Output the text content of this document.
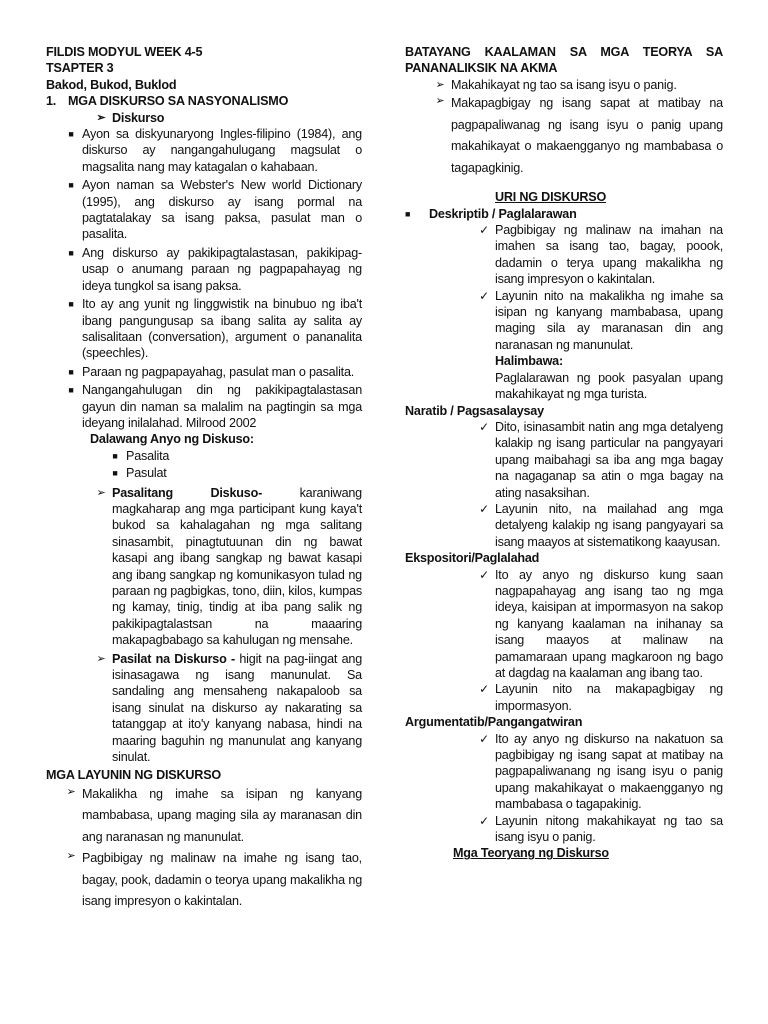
FILDIS MODYUL WEEK 4-5
TSAPTER 3
Bakod, Bukod, Buklod
1. MGA DISKURSO SA NASYONALISMO
➢ Diskurso
■ Ayon sa diskyunaryong Ingles-filipino (1984), ang diskurso ay nangangahulugang magsulat o magsalita nang may katagalan o kahabaan.
■ Ayon naman sa Webster's New world Dictionary (1995), ang diskurso ay isang pormal na pagtatalakay sa isang paksa, pasulat man o pasalita.
■ Ang diskurso ay pakikipagtalastasan, pakikipag-usap o anumang paraan ng pagpapahayag ng ideya tungkol sa isang paksa.
■ Ito ay ang yunit ng linggwistik na binubuo ng iba't ibang pangungusap sa ibang salita ay salita ay salisalitaan (conversation), argument o pananalita (speechles).
■ Paraan ng pagpapayahag, pasulat man o pasalita.
■ Nangangahulugan din ng pakikipagtalastasan gayun din naman sa malalim na pagtingin sa mga ideyang inilalahad. Milrood 2002
Dalawang Anyo ng Diskuso:
■ Pasalita
■ Pasulat
➢ Pasalitang Diskuso- karaniwang magkaharap ang mga participant kung kaya't bukod sa kahalagahan ng mga salitang sinasambit, pinagtutuunan din ng bawat kasapi ang ibang sangkap ng bawat kasapi ang ibang sangkap ng komunikasyon tulad ng paraan ng pagbigkas, tono, diin, kilos, kumpas ng kamay, tinig, tindig at iba pang salik ng pakikipagtalastsan na maaaring makapagbabago sa kahulugan ng mensahe.
➢ Pasilat na Diskurso - higit na pag-iingat ang isinasagawa ng isang manunulat. Sa sandaling ang mensaheng nakapaloob sa isang sinulat na diskurso ay nakarating sa tatanggap at ito'y kanyang nabasa, hindi na maaring baguhin ng manunulat ang kanyang sinulat.
MGA LAYUNIN NG DISKURSO
➢ Makalikha ng imahe sa isipan ng kanyang mambabasa, upang maging sila ay maranasan din ang naranasan ng manunulat.
➢ Pagbibigay ng malinaw na imahe ng isang tao, bagay, pook, dadamin o teorya upang makalikha ng isang impresyon o kakintalan.
BATAYANG KAALAMAN SA MGA TEORYA SA PANANALIKSIK NA AKMA
➢ Makahikayat ng tao sa isang isyu o panig.
➢ Makapagbigay ng isang sapat at matibay na pagpapaliwanag ng isang isyu o panig upang makahikayat o makaengganyo ng mambabasa o tagapagkinig.
URI NG DISKURSO
■	Deskriptib / Paglalarawan
✓ Pagbibigay ng malinaw na imahan na imahen sa isang tao, bagay, poook, dadamin o terya upang makalikha ng isang impresyon o kakintalan.
✓ Layunin nito na makalikha ng imahe sa isipan ng kanyang mambabasa, upang maging sila ay maranasan din ang naranasan ng manunulat.
Halimbawa:
Paglalarawan ng pook pasyalan upang makahikayat ng mga turista.
Naratib / Pagsasalaysay
✓ Dito, isinasambit natin ang mga detalyeng kalakip ng isang particular na pangyayari upang maibahagi sa iba ang mga bagay na nagaganap sa atin o mga bagay na ating nasaksihan.
✓ Layunin nito, na mailahad ang mga detalyeng kalakip ng isang pangyayari sa isang maayos at sistematikong kaayusan.
Ekspositori/Paglalahad
✓ Ito ay anyo ng diskurso kung saan nagpapahayag ang isang tao ng mga ideya, kaisipan at impormasyon na sakop ng kanyang kaalaman na inihanay sa isang maayos at malinaw na pamamaraan upang magkaroon ng bago at dagdag na kaalaman ang ibang tao.
✓ Layunin nito na makapagbigay ng impormasyon.
Argumentatib/Pangangatwiran
✓ Ito ay anyo ng diskurso na nakatuon sa pagbibigay ng isang sapat at matibay na pagpapaliwanang ng isang isyu o panig upang makahikayat o makaengganyo ng mambabasa o tagapakinig.
✓ Layunin nitong makahikayat ng tao sa isang isyu o panig.
Mga Teoryang ng Diskurso
